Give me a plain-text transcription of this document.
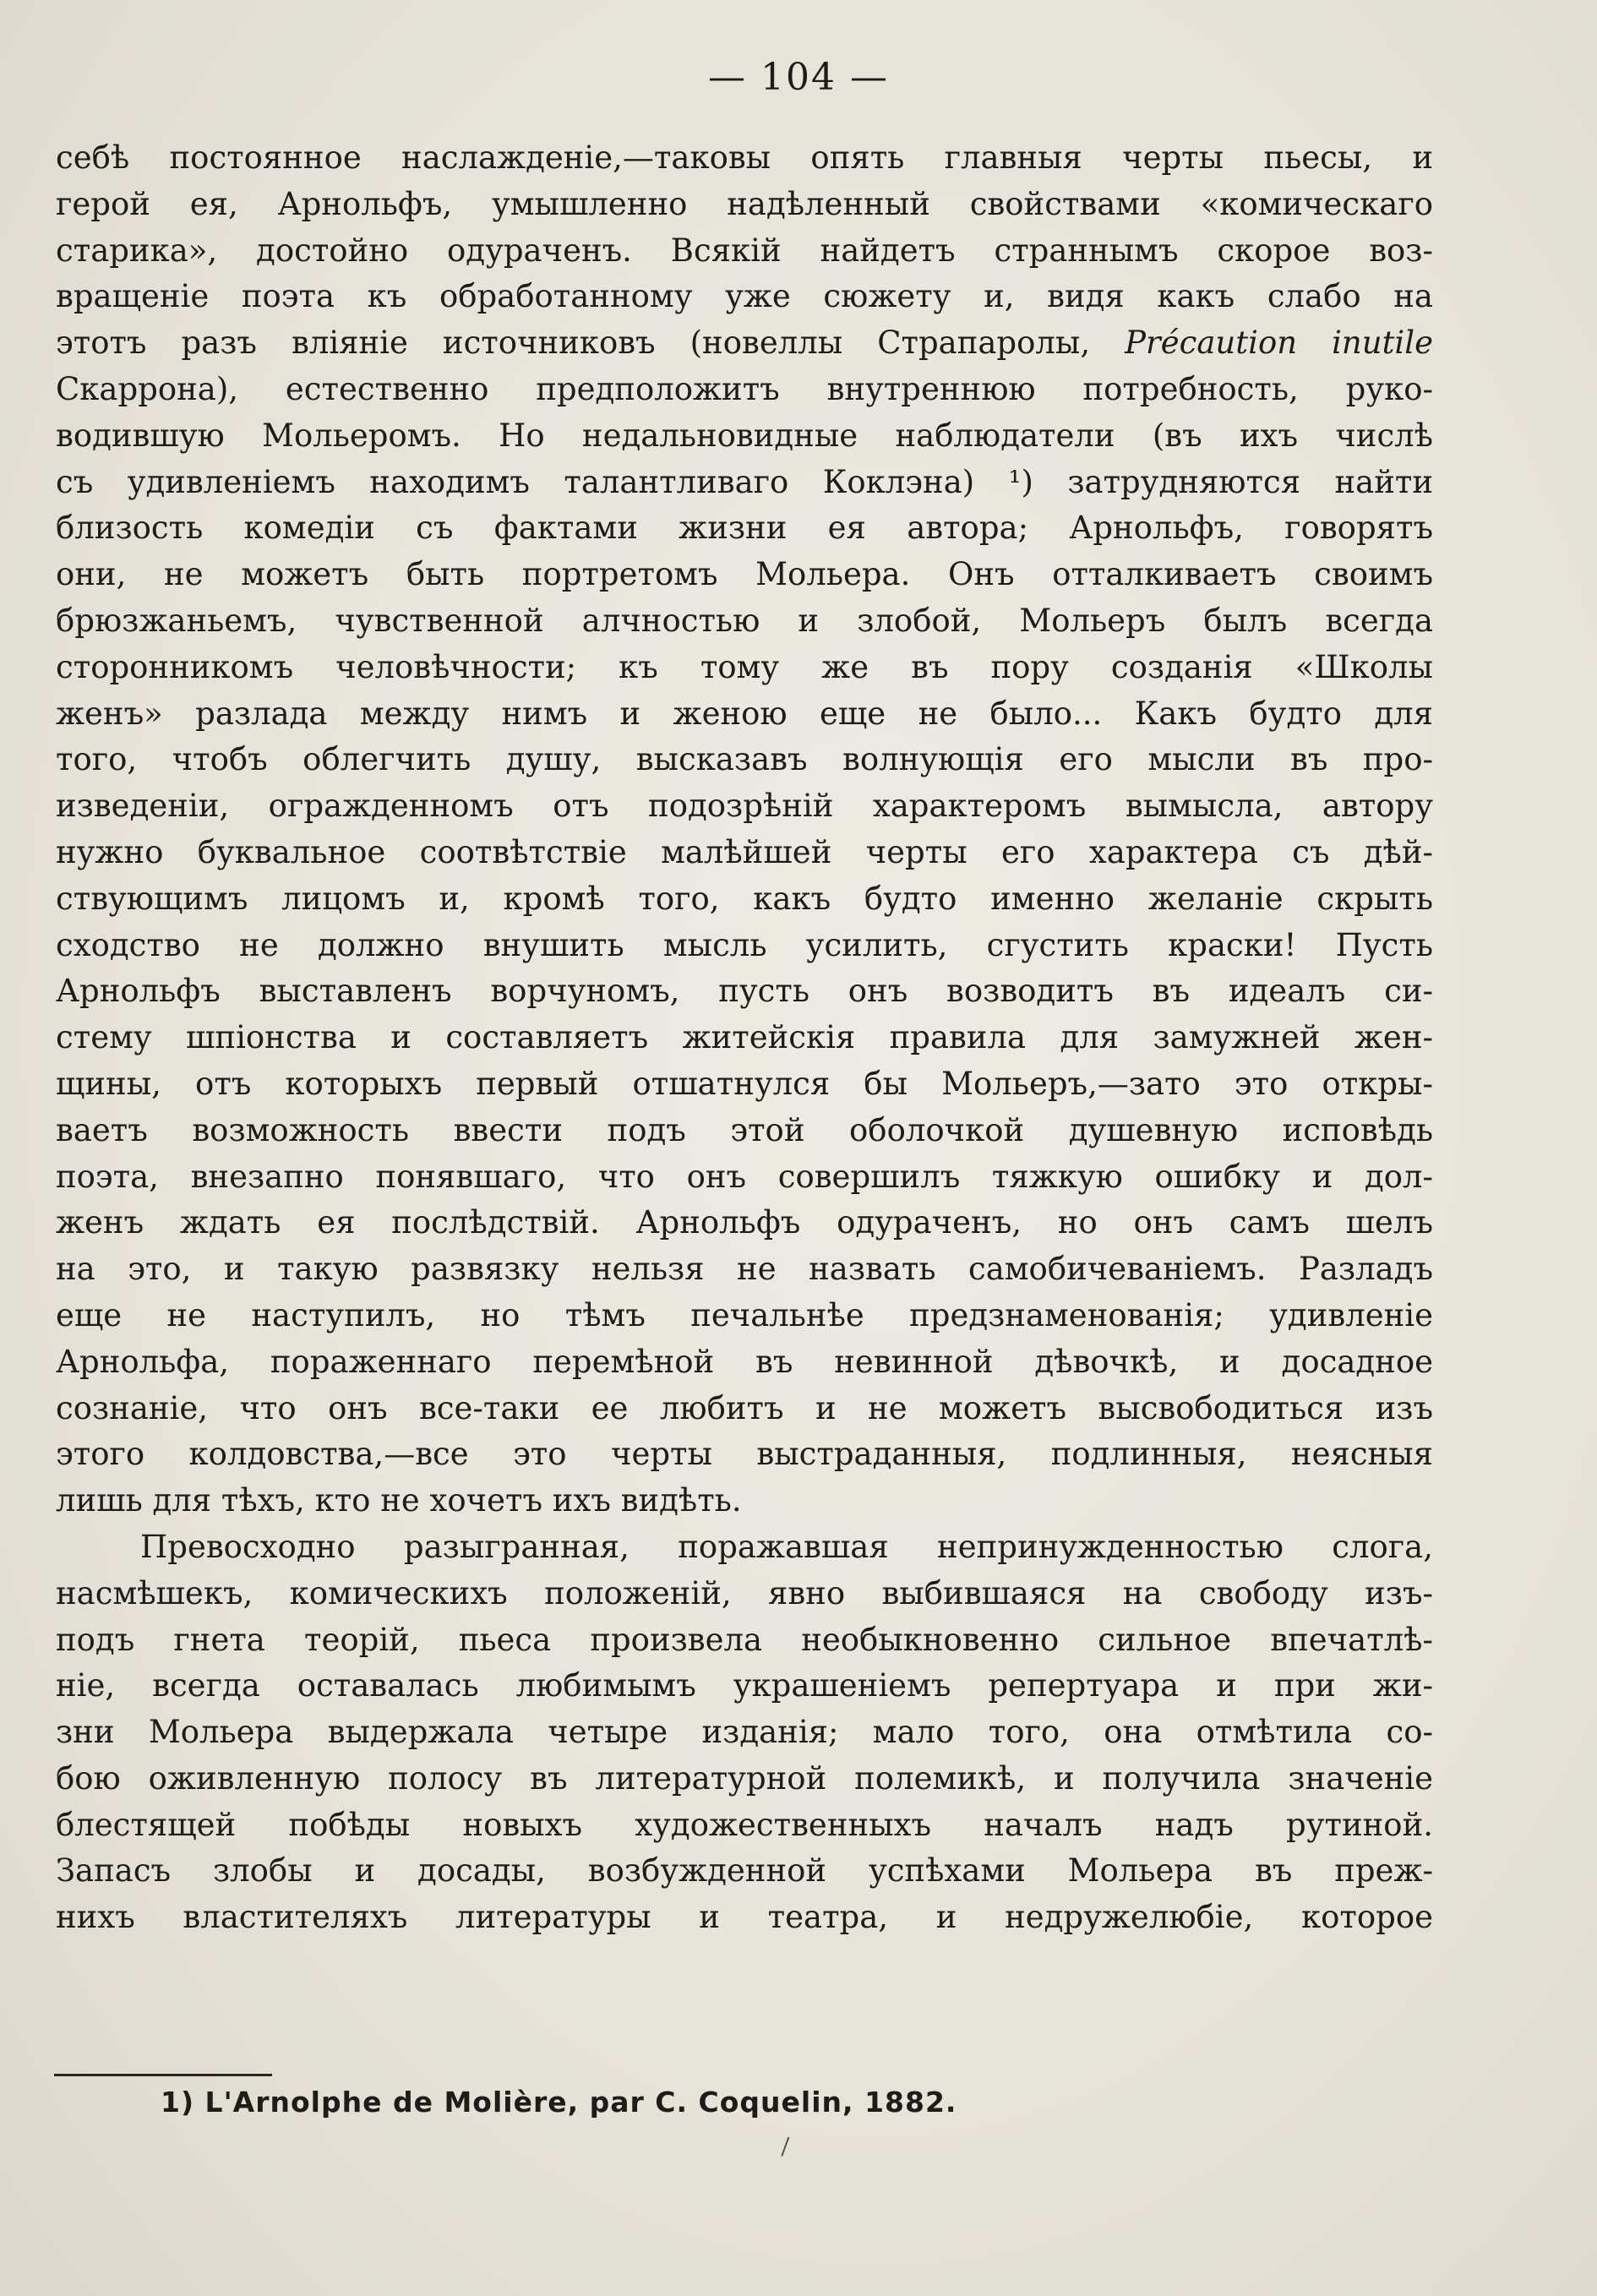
— 104 —
себѣ постоянное наслажденіе,—таковы опять главныя черты пьесы, и
герой ея, Арнольфъ, умышленно надѣленный свойствами «комическаго
старика», достойно одураченъ. Всякій найдетъ страннымъ скорое воз-
вращеніе поэта къ обработанному уже сюжету и, видя какъ слабо на
этотъ разъ вліяніе источниковъ (новеллы Страпаролы, Précaution inutile
Скаррона), естественно предположитъ внутреннюю потребность, руко-
водившую Мольеромъ. Но недальновидные наблюдатели (въ ихъ числѣ
съ удивленіемъ находимъ талантливаго Коклэна) ¹) затрудняются найти
близость комедіи съ фактами жизни ея автора; Арнольфъ, говорятъ
они, не можетъ быть портретомъ Мольера. Онъ отталкиваетъ своимъ
брюзжаньемъ, чувственной алчностью и злобой, Мольеръ былъ всегда
сторонникомъ человѣчности; къ тому же въ пору созданія «Школы
женъ» разлада между нимъ и женою еще не было... Какъ будто для
того, чтобъ облегчить душу, высказавъ волнующія его мысли въ про-
изведеніи, огражденномъ отъ подозрѣній характеромъ вымысла, автору
нужно буквальное соотвѣтствіе малѣйшей черты его характера съ дѣй-
ствующимъ лицомъ и, кромѣ того, какъ будто именно желаніе скрыть
сходство не должно внушить мысль усилить, сгустить краски! Пусть
Арнольфъ выставленъ ворчуномъ, пусть онъ возводитъ въ идеалъ си-
стему шпіонства и составляетъ житейскія правила для замужней жен-
щины, отъ которыхъ первый отшатнулся бы Мольеръ,—зато это откры-
ваетъ возможность ввести подъ этой оболочкой душевную исповѣдь
поэта, внезапно понявшаго, что онъ совершилъ тяжкую ошибку и дол-
женъ ждать ея послѣдствій. Арнольфъ одураченъ, но онъ самъ шелъ
на это, и такую развязку нельзя не назвать самобичеваніемъ. Разладъ
еще не наступилъ, но тѣмъ печальнѣе предзнаменованія; удивленіе
Арнольфа, пораженнаго перемѣной въ невинной дѣвочкѣ, и досадное
сознаніе, что онъ все-таки ее любитъ и не можетъ высвободиться изъ
этого колдовства,—все это черты выстраданныя, подлинныя, неясныя
лишь для тѣхъ, кто не хочетъ ихъ видѣть.
Превосходно разыгранная, поражавшая непринужденностью слога,
насмѣшекъ, комическихъ положеній, явно выбившаяся на свободу изъ-
подъ гнета теорій, пьеса произвела необыкновенно сильное впечатлѣ-
ніе, всегда оставалась любимымъ украшеніемъ репертуара и при жи-
зни Мольера выдержала четыре изданія; мало того, она отмѣтила со-
бою оживленную полосу въ литературной полемикѣ, и получила значеніе
блестящей побѣды новыхъ художественныхъ началъ надъ рутиной.
Запасъ злобы и досады, возбужденной успѣхами Мольера въ преж-
нихъ властителяхъ литературы и театра, и недружелюбіе, которое
1) L'Arnolphe de Molière, par C. Coquelin, 1882.
